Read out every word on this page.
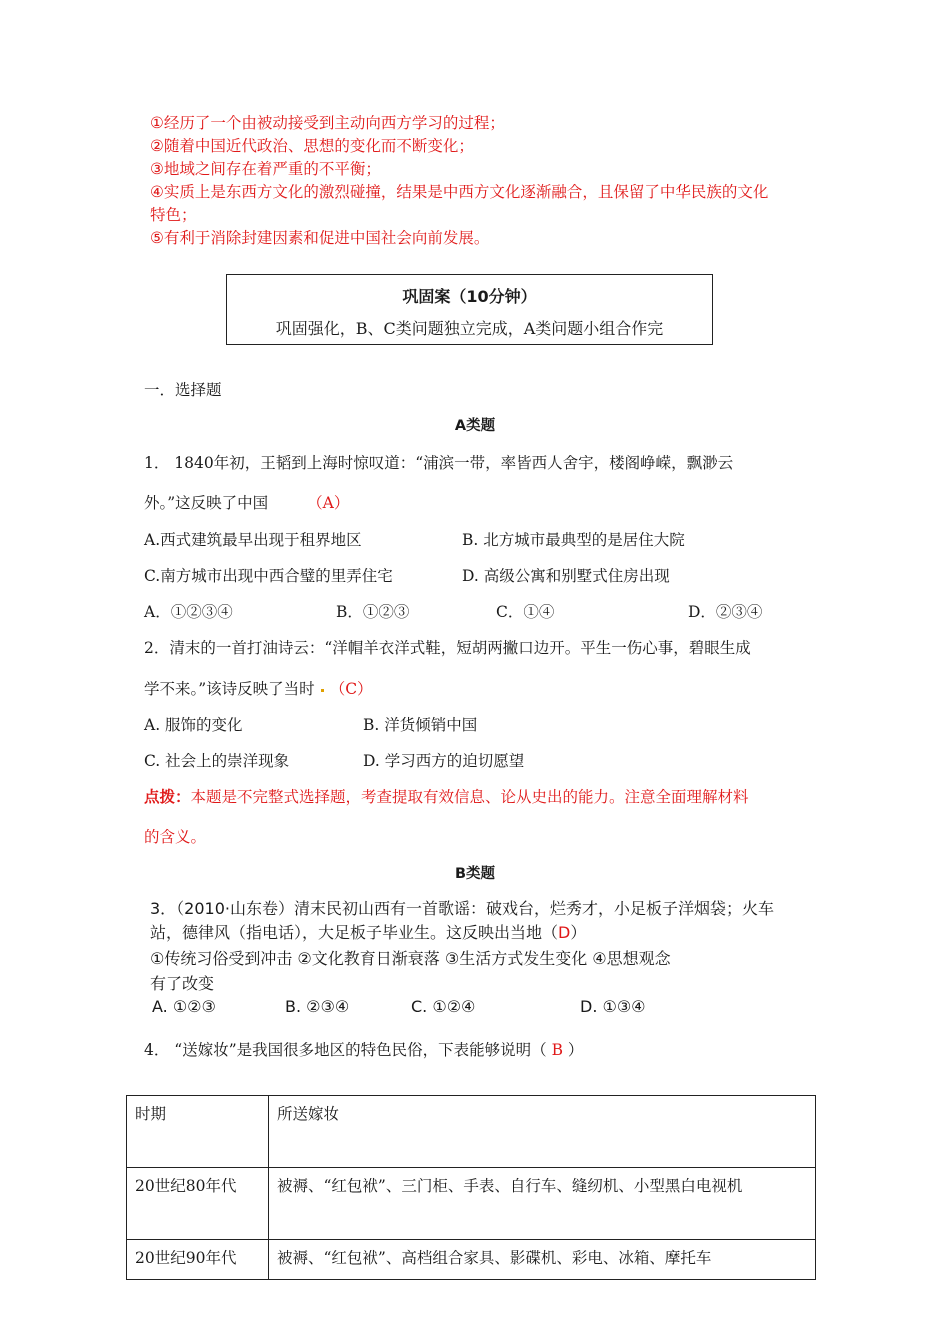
①经历了一个由被动接受到主动向西方学习的过程；
②随着中国近代政治、思想的变化而不断变化；
③地域之间存在着严重的不平衡；
④实质上是东西方文化的激烈碰撞，结果是中西方文化逐渐融合，且保留了中华民族的文化
特色；
⑤有利于消除封建因素和促进中国社会向前发展。
巩固案（10分钟）
巩固强化，B、C类问题独立完成，A类问题小组合作完
一．选择题
A类题
1． 1840年初，王韬到上海时惊叹道：“浦滨一带，率皆西人舍宇，楼阁峥嵘，飘渺云
外。”这反映了中国	（A）
A.西式建筑最早出现于租界地区	B. 北方城市最典型的是居住大院
C.南方城市出现中西合璧的里弄住宅	D. 高级公寓和别墅式住房出现
A．①②③④	B．①②③	C．①④	D．②③④
2．清末的一首打油诗云：“洋帽羊衣洋式鞋，短胡两撇口边开。平生一伤心事，碧眼生成
学不来。”该诗反映了当时 （C）
A. 服饰的变化	B. 洋货倾销中国
C. 社会上的崇洋现象	D. 学习西方的迫切愿望
点拨：本题是不完整式选择题，考查提取有效信息、论从史出的能力。注意全面理解材料
的含义。
B类题
3．（2010·山东卷）清末民初山西有一首歌谣：破戏台，烂秀才，小足板子洋烟袋；火车
站，德律风（指电话），大足板子毕业生。这反映出当地（D）
①传统习俗受到冲击 ②文化教育日渐衰落 ③生活方式发生变化 ④思想观念
有了改变
A. ①②③	B. ②③④	C. ①②④	D. ①③④
4． “送嫁妆”是我国很多地区的特色民俗，下表能够说明（ B ）
时期	所送嫁妆
20世纪80年代	被褥、“红包袱”、三门柜、手表、自行车、缝纫机、小型黑白电视机
20世纪90年代	被褥、“红包袱”、高档组合家具、影碟机、彩电、冰箱、摩托车
